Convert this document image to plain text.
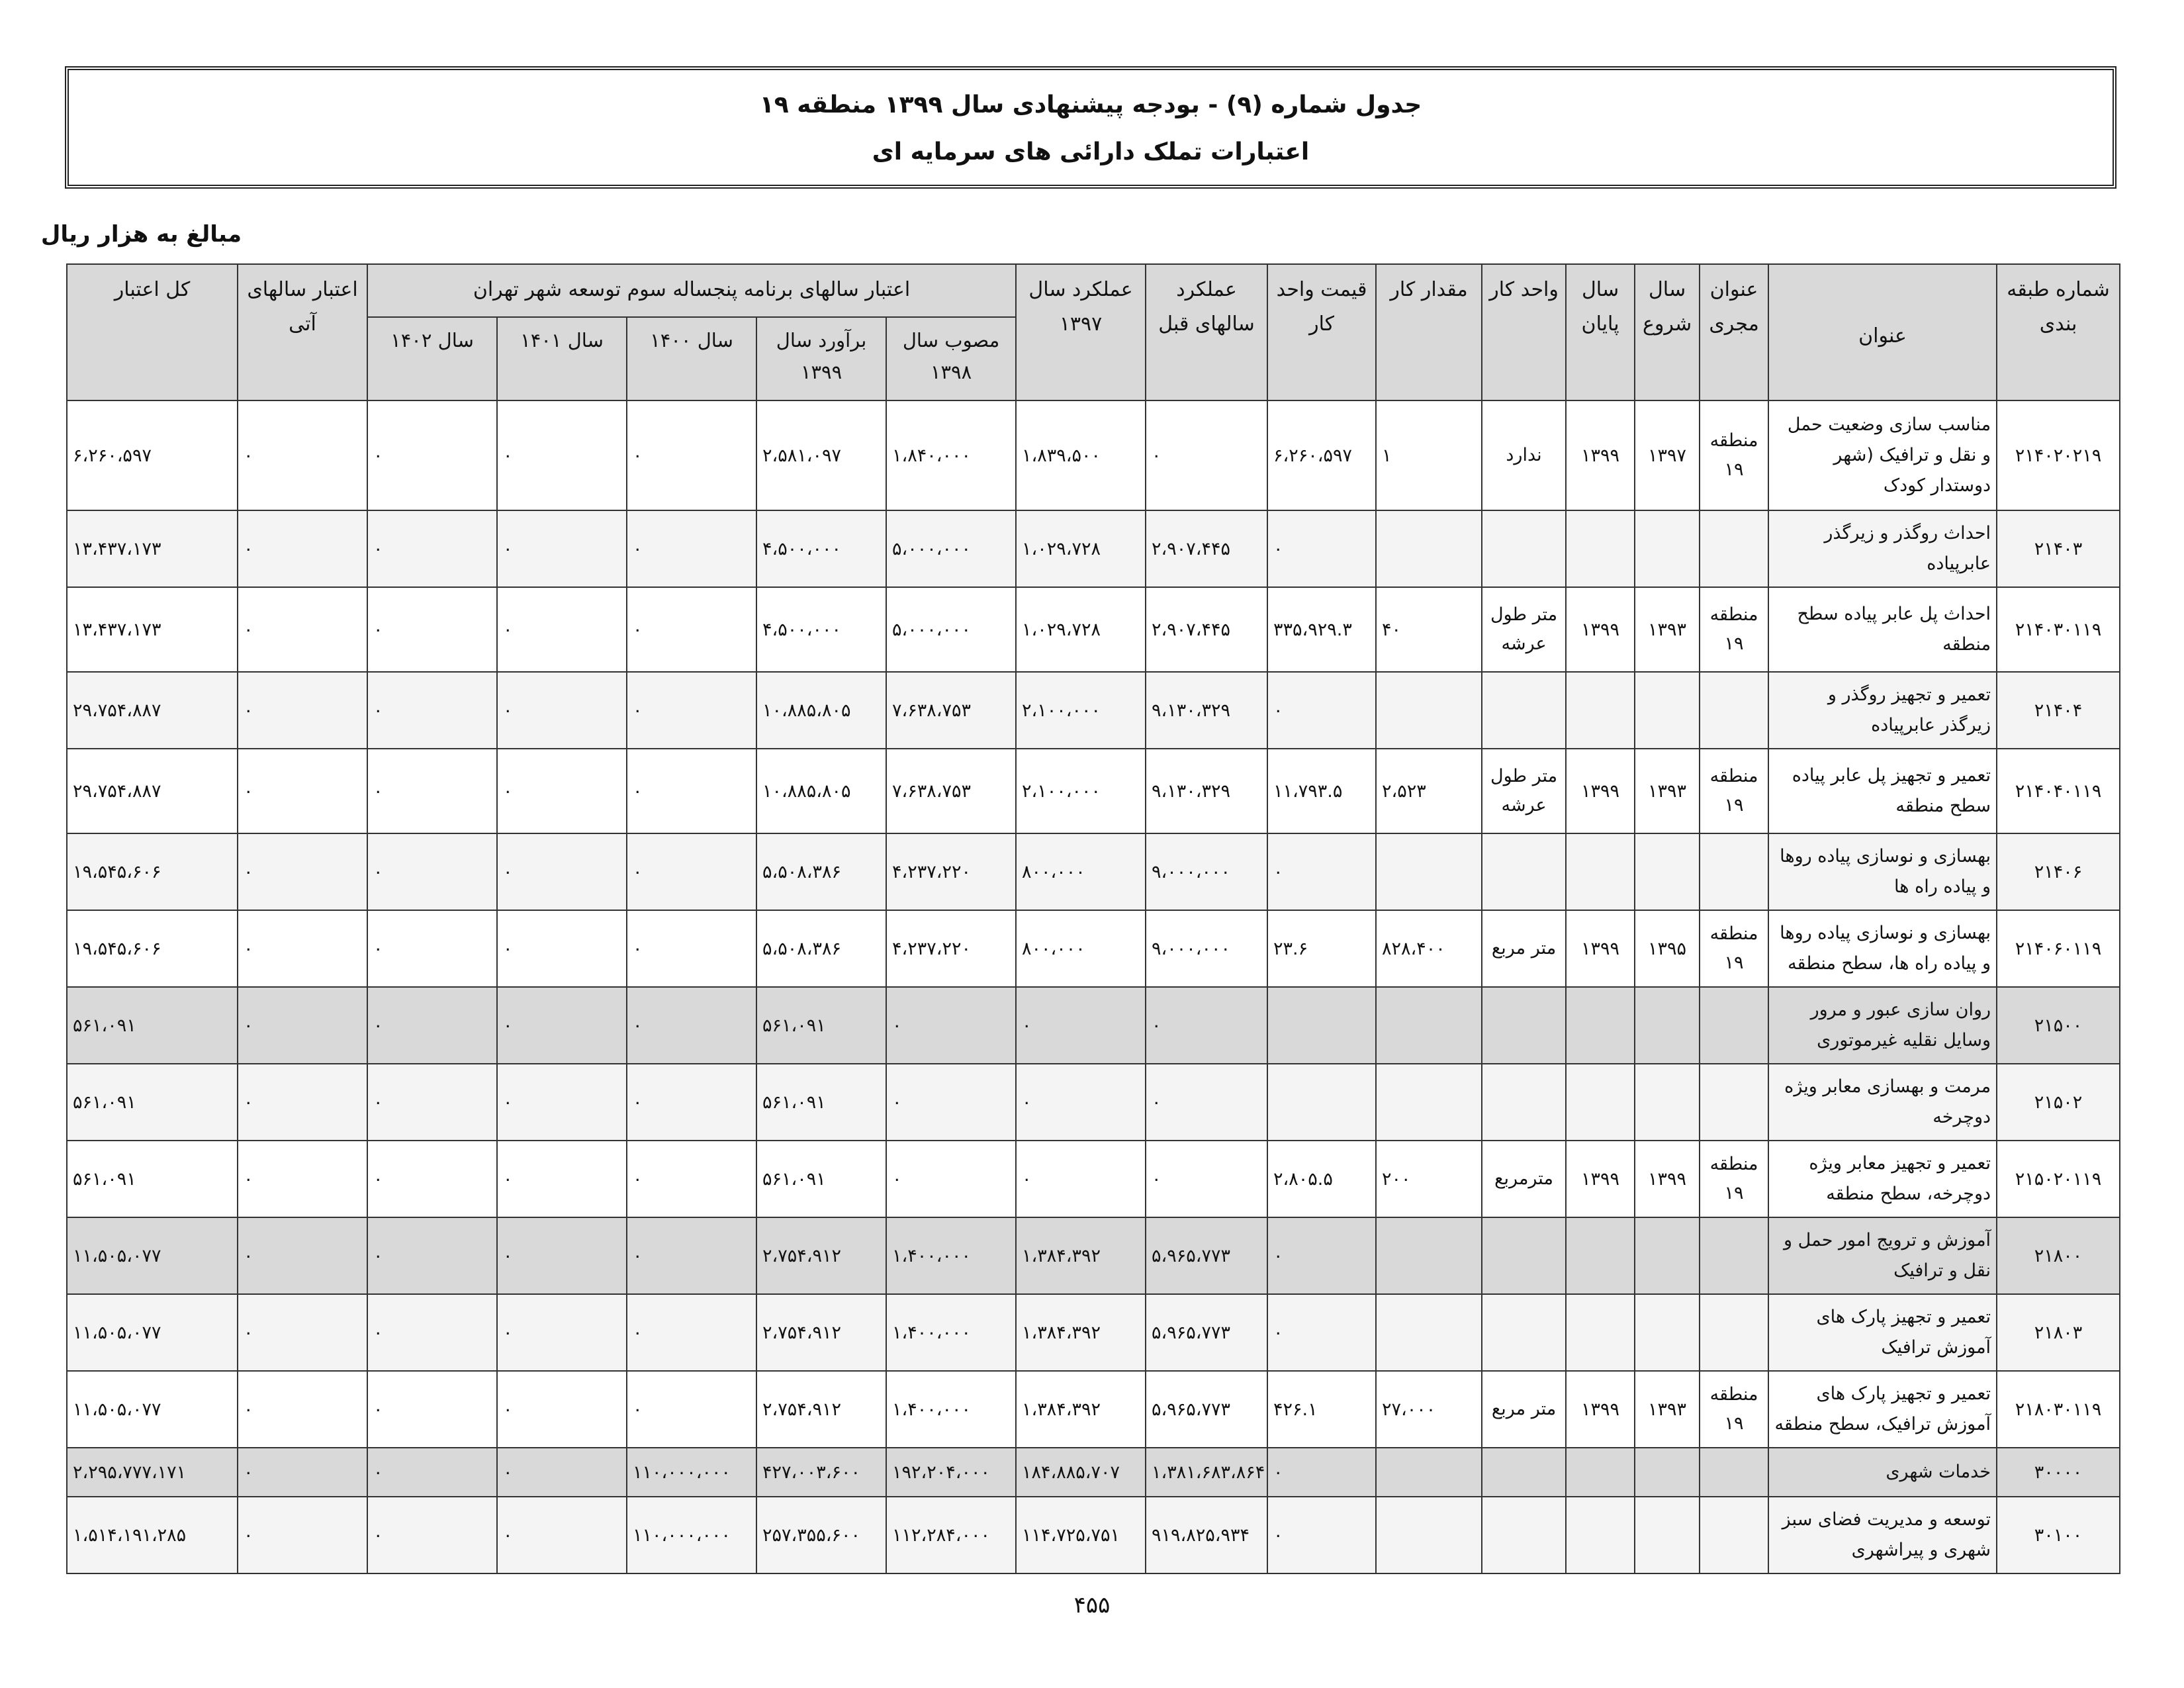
جدول شماره (۹) - بودجه پیشنهادی سال ۱۳۹۹ منطقه ۱۹
اعتبارات تملک دارائی های سرمایه ای
مبالغ به هزار ریال
شماره طبقه بندی	عنوان	عنوان مجری	سال شروع	سال پایان	واحد کار	مقدار کار	قیمت واحد کار	عملکرد سالهای قبل	عملکرد سال ۱۳۹۷	اعتبار سالهای برنامه پنجساله سوم توسعه شهر تهران					اعتبار سالهای آتی	کل اعتبار
										مصوب سال ۱۳۹۸	برآورد سال ۱۳۹۹	سال ۱۴۰۰	سال ۱۴۰۱	سال ۱۴۰۲		
۲۱۴۰۲۰۲۱۹	مناسب سازی وضعیت حمل و نقل و ترافیک (شهر دوستدار کودک	منطقه ۱۹	۱۳۹۷	۱۳۹۹	ندارد	۱	۶،۲۶۰،۵۹۷	۰	۱،۸۳۹،۵۰۰	۱،۸۴۰،۰۰۰	۲،۵۸۱،۰۹۷	۰	۰	۰	۰	۶،۲۶۰،۵۹۷
۲۱۴۰۳	احداث روگذر و زیرگذر عابرپیاده						۰	۲،۹۰۷،۴۴۵	۱،۰۲۹،۷۲۸	۵،۰۰۰،۰۰۰	۴،۵۰۰،۰۰۰	۰	۰	۰	۰	۱۳،۴۳۷،۱۷۳
۲۱۴۰۳۰۱۱۹	احداث پل عابر پیاده سطح منطقه	منطقه ۱۹	۱۳۹۳	۱۳۹۹	متر طول عرشه	۴۰	۳۳۵،۹۲۹.۳	۲،۹۰۷،۴۴۵	۱،۰۲۹،۷۲۸	۵،۰۰۰،۰۰۰	۴،۵۰۰،۰۰۰	۰	۰	۰	۰	۱۳،۴۳۷،۱۷۳
۲۱۴۰۴	تعمیر و تجهیز روگذر و زیرگذر عابرپیاده						۰	۹،۱۳۰،۳۲۹	۲،۱۰۰،۰۰۰	۷،۶۳۸،۷۵۳	۱۰،۸۸۵،۸۰۵	۰	۰	۰	۰	۲۹،۷۵۴،۸۸۷
۲۱۴۰۴۰۱۱۹	تعمیر و تجهیز پل عابر پیاده سطح منطقه	منطقه ۱۹	۱۳۹۳	۱۳۹۹	متر طول عرشه	۲،۵۲۳	۱۱،۷۹۳.۵	۹،۱۳۰،۳۲۹	۲،۱۰۰،۰۰۰	۷،۶۳۸،۷۵۳	۱۰،۸۸۵،۸۰۵	۰	۰	۰	۰	۲۹،۷۵۴،۸۸۷
۲۱۴۰۶	بهسازی و نوسازی پیاده روها و پیاده راه ها						۰	۹،۰۰۰،۰۰۰	۸۰۰،۰۰۰	۴،۲۳۷،۲۲۰	۵،۵۰۸،۳۸۶	۰	۰	۰	۰	۱۹،۵۴۵،۶۰۶
۲۱۴۰۶۰۱۱۹	بهسازی و نوسازی پیاده روها و پیاده راه ها، سطح منطقه	منطقه ۱۹	۱۳۹۵	۱۳۹۹	متر مربع	۸۲۸،۴۰۰	۲۳.۶	۹،۰۰۰،۰۰۰	۸۰۰،۰۰۰	۴،۲۳۷،۲۲۰	۵،۵۰۸،۳۸۶	۰	۰	۰	۰	۱۹،۵۴۵،۶۰۶
۲۱۵۰۰	روان سازی عبور و مرور وسایل نقلیه غیرموتوری							۰	۰	۰	۵۶۱،۰۹۱	۰	۰	۰	۰	۵۶۱،۰۹۱
۲۱۵۰۲	مرمت و بهسازی معابر ویژه دوچرخه							۰	۰	۰	۵۶۱،۰۹۱	۰	۰	۰	۰	۵۶۱،۰۹۱
۲۱۵۰۲۰۱۱۹	تعمیر و تجهیز معابر ویژه دوچرخه، سطح منطقه	منطقه ۱۹	۱۳۹۹	۱۳۹۹	مترمربع	۲۰۰	۲،۸۰۵.۵	۰	۰	۰	۵۶۱،۰۹۱	۰	۰	۰	۰	۵۶۱،۰۹۱
۲۱۸۰۰	آموزش و ترویج امور حمل و نقل و ترافیک						۰	۵،۹۶۵،۷۷۳	۱،۳۸۴،۳۹۲	۱،۴۰۰،۰۰۰	۲،۷۵۴،۹۱۲	۰	۰	۰	۰	۱۱،۵۰۵،۰۷۷
۲۱۸۰۳	تعمیر و تجهیز پارک های آموزش ترافیک						۰	۵،۹۶۵،۷۷۳	۱،۳۸۴،۳۹۲	۱،۴۰۰،۰۰۰	۲،۷۵۴،۹۱۲	۰	۰	۰	۰	۱۱،۵۰۵،۰۷۷
۲۱۸۰۳۰۱۱۹	تعمیر و تجهیز پارک های آموزش ترافیک، سطح منطقه	منطقه ۱۹	۱۳۹۳	۱۳۹۹	متر مربع	۲۷،۰۰۰	۴۲۶.۱	۵،۹۶۵،۷۷۳	۱،۳۸۴،۳۹۲	۱،۴۰۰،۰۰۰	۲،۷۵۴،۹۱۲	۰	۰	۰	۰	۱۱،۵۰۵،۰۷۷
۳۰۰۰۰	خدمات شهری						۰	۱،۳۸۱،۶۸۳،۸۶۴	۱۸۴،۸۸۵،۷۰۷	۱۹۲،۲۰۴،۰۰۰	۴۲۷،۰۰۳،۶۰۰	۱۱۰،۰۰۰،۰۰۰	۰	۰	۰	۲،۲۹۵،۷۷۷،۱۷۱
۳۰۱۰۰	توسعه و مدیریت فضای سبز شهری و پیراشهری						۰	۹۱۹،۸۲۵،۹۳۴	۱۱۴،۷۲۵،۷۵۱	۱۱۲،۲۸۴،۰۰۰	۲۵۷،۳۵۵،۶۰۰	۱۱۰،۰۰۰،۰۰۰	۰	۰	۰	۱،۵۱۴،۱۹۱،۲۸۵
۴۵۵
